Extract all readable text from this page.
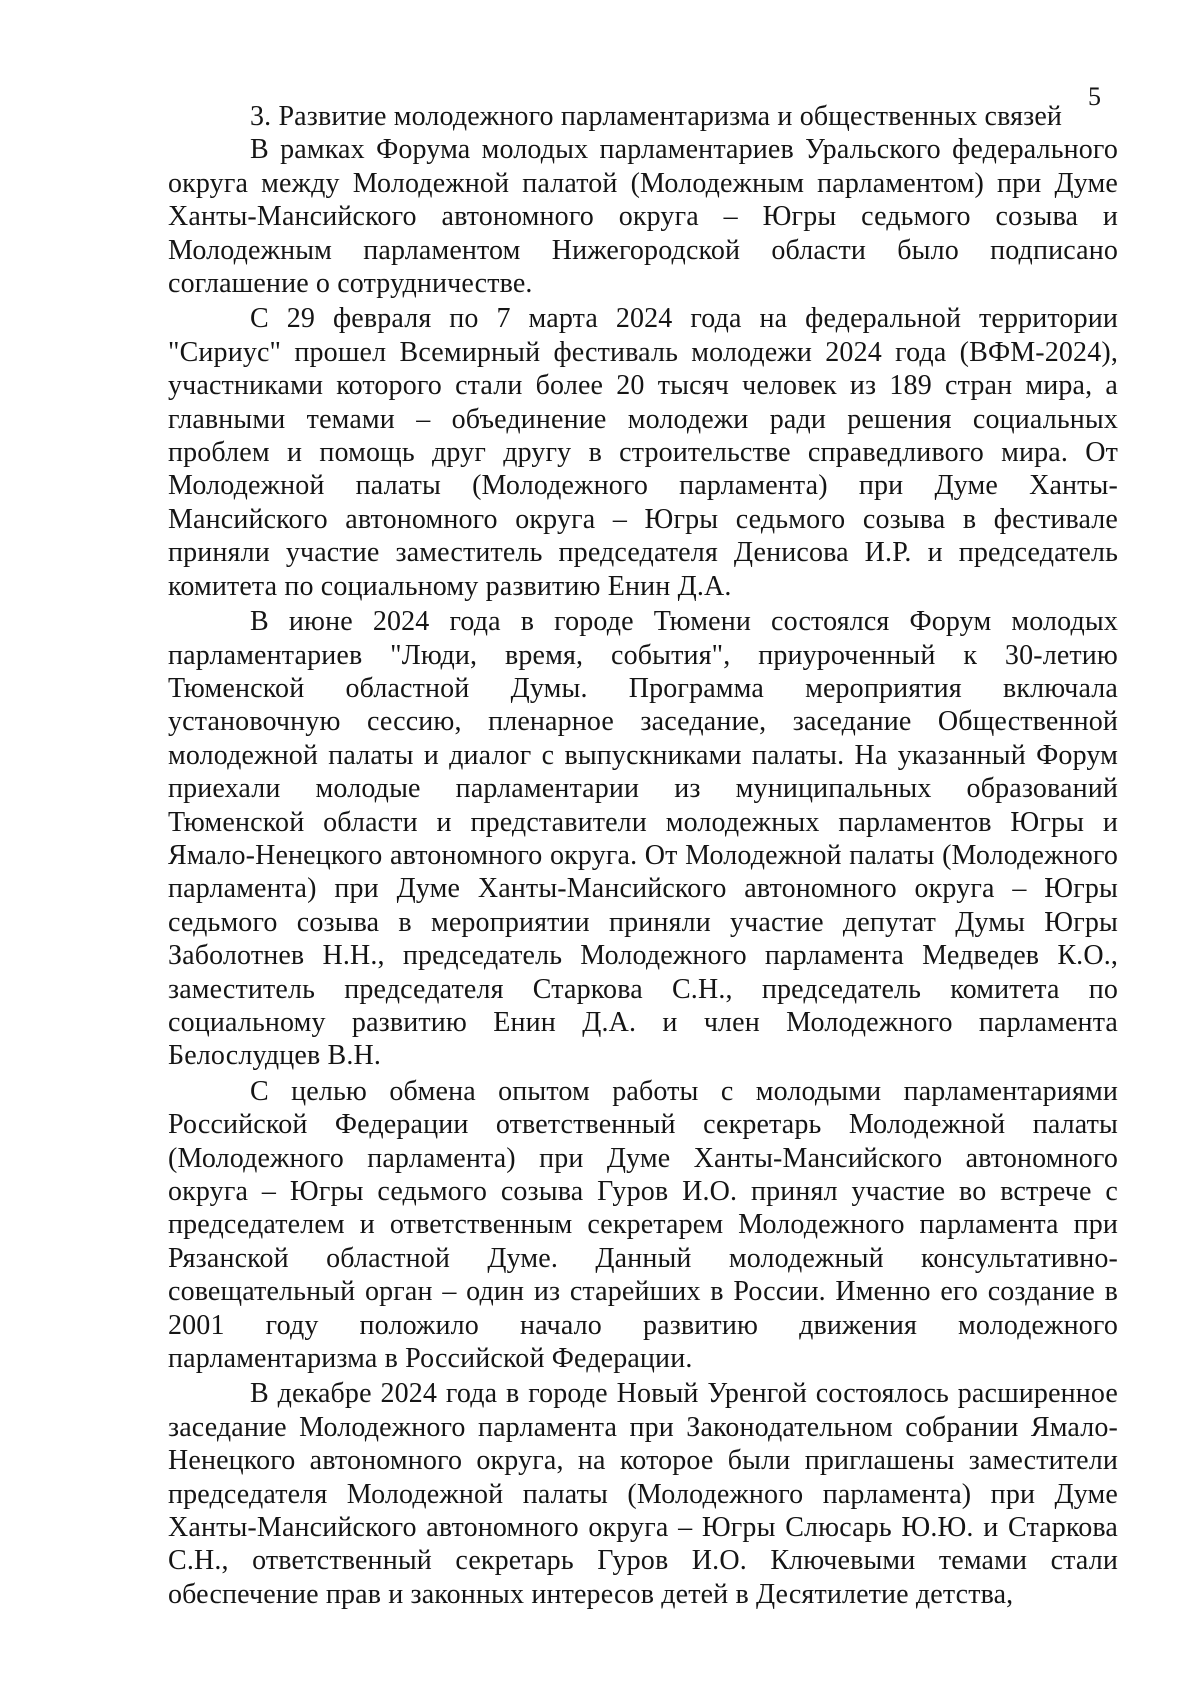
5

3. Развитие молодежного парламентаризма и общественных связей

В рамках Форума молодых парламентариев Уральского федерального округа между Молодежной палатой (Молодежным парламентом) при Думе Ханты-Мансийского автономного округа – Югры седьмого созыва и Молодежным парламентом Нижегородской области было подписано соглашение о сотрудничестве.

С 29 февраля по 7 марта 2024 года на федеральной территории "Сириус" прошел Всемирный фестиваль молодежи 2024 года (ВФМ-2024), участниками которого стали более 20 тысяч человек из 189 стран мира, а главными темами – объединение молодежи ради решения социальных проблем и помощь друг другу в строительстве справедливого мира. От Молодежной палаты (Молодежного парламента) при Думе Ханты-Мансийского автономного округа – Югры седьмого созыва в фестивале приняли участие заместитель председателя Денисова И.Р. и председатель комитета по социальному развитию Енин Д.А.

В июне 2024 года в городе Тюмени состоялся Форум молодых парламентариев "Люди, время, события", приуроченный к 30-летию Тюменской областной Думы. Программа мероприятия включала установочную сессию, пленарное заседание, заседание Общественной молодежной палаты и диалог с выпускниками палаты. На указанный Форум приехали молодые парламентарии из муниципальных образований Тюменской области и представители молодежных парламентов Югры и Ямало-Ненецкого автономного округа. От Молодежной палаты (Молодежного парламента) при Думе Ханты-Мансийского автономного округа – Югры седьмого созыва в мероприятии приняли участие депутат Думы Югры Заболотнев Н.Н., председатель Молодежного парламента Медведев К.О., заместитель председателя Старкова С.Н., председатель комитета по социальному развитию Енин Д.А. и член Молодежного парламента Белослудцев В.Н.

С целью обмена опытом работы с молодыми парламентариями Российской Федерации ответственный секретарь Молодежной палаты (Молодежного парламента) при Думе Ханты-Мансийского автономного округа – Югры седьмого созыва Гуров И.О. принял участие во встрече с председателем и ответственным секретарем Молодежного парламента при Рязанской областной Думе. Данный молодежный консультативно-совещательный орган – один из старейших в России. Именно его создание в 2001 году положило начало развитию движения молодежного парламентаризма в Российской Федерации.

В декабре 2024 года в городе Новый Уренгой состоялось расширенное заседание Молодежного парламента при Законодательном собрании Ямало-Ненецкого автономного округа, на которое были приглашены заместители председателя Молодежной палаты (Молодежного парламента) при Думе Ханты-Мансийского автономного округа – Югры Слюсарь Ю.Ю. и Старкова С.Н., ответственный секретарь Гуров И.О. Ключевыми темами стали обеспечение прав и законных интересов детей в Десятилетие детства,
